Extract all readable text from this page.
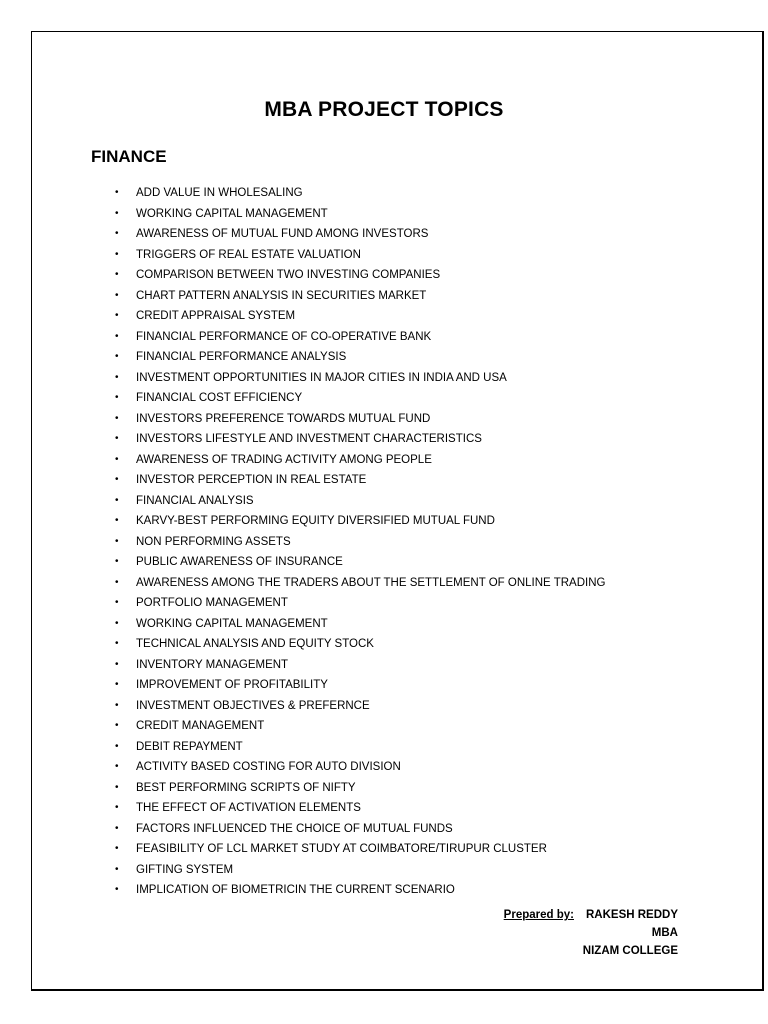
MBA PROJECT TOPICS
FINANCE
• ADD VALUE IN WHOLESALING
• WORKING CAPITAL MANAGEMENT
• AWARENESS OF MUTUAL FUND AMONG INVESTORS
• TRIGGERS OF REAL ESTATE VALUATION
• COMPARISON BETWEEN TWO INVESTING COMPANIES
• CHART PATTERN ANALYSIS IN SECURITIES MARKET
• CREDIT APPRAISAL SYSTEM
• FINANCIAL PERFORMANCE OF CO-OPERATIVE BANK
• FINANCIAL PERFORMANCE ANALYSIS
• INVESTMENT OPPORTUNITIES IN MAJOR CITIES IN INDIA AND USA
• FINANCIAL COST EFFICIENCY
• INVESTORS PREFERENCE TOWARDS MUTUAL FUND
• INVESTORS LIFESTYLE AND INVESTMENT CHARACTERISTICS
• AWARENESS OF TRADING ACTIVITY AMONG PEOPLE
• INVESTOR PERCEPTION IN REAL ESTATE
• FINANCIAL ANALYSIS
• KARVY-BEST PERFORMING EQUITY DIVERSIFIED MUTUAL FUND
• NON PERFORMING ASSETS
• PUBLIC AWARENESS OF INSURANCE
• AWARENESS AMONG THE TRADERS ABOUT THE SETTLEMENT OF ONLINE TRADING
• PORTFOLIO MANAGEMENT
• WORKING CAPITAL MANAGEMENT
• TECHNICAL ANALYSIS AND EQUITY STOCK
• INVENTORY MANAGEMENT
• IMPROVEMENT OF PROFITABILITY
• INVESTMENT OBJECTIVES & PREFERNCE
• CREDIT MANAGEMENT
• DEBIT REPAYMENT
• ACTIVITY BASED COSTING FOR AUTO DIVISION
• BEST PERFORMING SCRIPTS OF NIFTY
• THE EFFECT OF ACTIVATION ELEMENTS
• FACTORS INFLUENCED THE CHOICE OF MUTUAL FUNDS
• FEASIBILITY OF LCL MARKET STUDY AT COIMBATORE/TIRUPUR CLUSTER
• GIFTING SYSTEM
• IMPLICATION OF BIOMETRICIN THE CURRENT SCENARIO
Prepared by: RAKESH REDDY
MBA
NIZAM COLLEGE
